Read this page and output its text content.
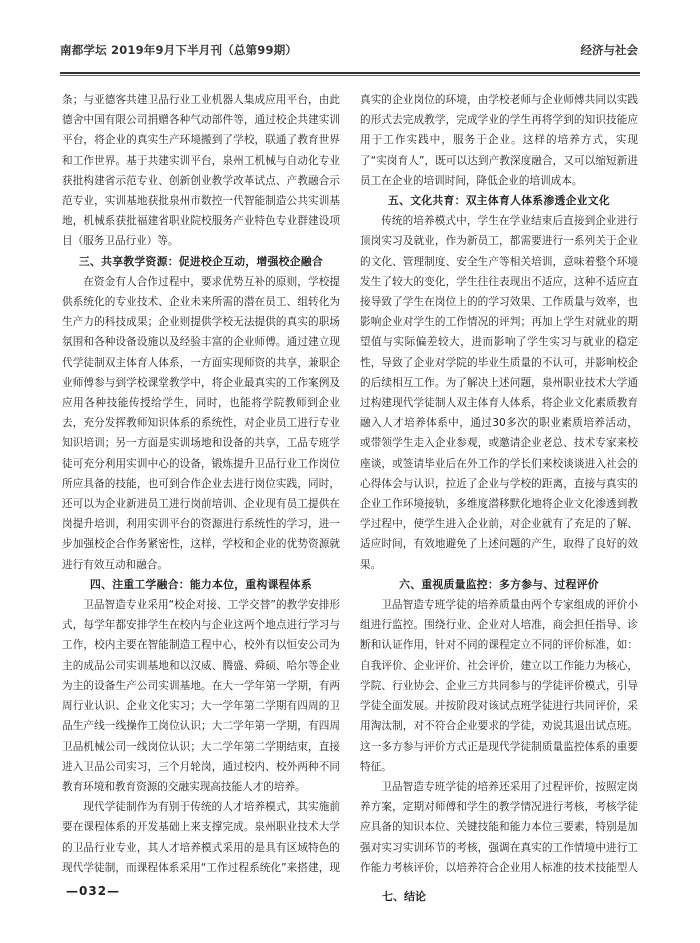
南都学坛 2019年9月下半月刊（总第99期）	经济与社会

条；与亚德客共建卫品行业工业机器人集成应用平台，由此德舍中国有限公司捐赠各种气动部件等，通过校企共建实训平台，将企业的真实生产环境搬到了学校，联通了教育世界和工作世界。基于共建实训平台，泉州工机械与自动化专业获批构建省示范专业、创新创业教学改革试点、产教融合示范专业，实训基地获批泉州市数控一代智能制造公共实训基地，机械系获批福建省职业院校服务产业特色专业群建设项目（服务卫品行业）等。

三、共享教学资源：促进校企互动，增强校企融合

在资金有人合作过程中，要求优势互补的原则，学校提供系统化的专业技术、企业未来所需的潜在员工、组转化为生产力的科技成果；企业则提供学校无法提供的真实的职场氛围和各种设备设施以及经验丰富的企业师傅。通过建立现代学徒制双主体育人体系，一方面实现师资的共享，兼职企业师傅参与到学校课堂教学中，将企业最真实的工作案例及应用各种技能传授给学生，同时，也能将学院教师到企业去，充分发挥教师知识体系的系统性，对企业员工进行专业知识培训；另一方面是实训场地和设备的共享，工品专班学徒可充分利用实训中心的设备，锻炼提升卫品行业工作岗位所应具备的技能，也可到合作企业去进行岗位实践，同时，还可以为企业新进员工进行岗前培训、企业现有员工提供在岗提升培训，利用实训平台的资源进行系统性的学习，进一步加强校企合作务紧密性，这样，学校和企业的优势资源就进行有效互动和融合。

四、注重工学融合：能力本位，重构课程体系

卫品智造专业采用“校企对接、工学交替”的教学安排形式，每学年都安排学生在校内与企业这两个地点进行学习与工作，校内主要在智能制造工程中心，校外有以恒安公司为主的成品公司实训基地和以汉威、腾盛、舜硕、哈尔等企业为主的设备生产公司实训基地。在大一学年第一学期，有两周行业认识、企业文化实习；大一学年第二学期有四周的卫品生产线一线操作工岗位认识；大二学年第一学期，有四周卫品机械公司一线岗位认识；大二学年第二学期结束，直接进入卫品公司实习，三个月轮岗，通过校内、校外两种不同教育环境和教育资源的交融实现高技能人才的培养。

现代学徒制作为有别于传统的人才培养模式，其实施前要在课程体系的开发基础上来支撑完成。泉州职业技术大学的卫品行业专业，其人才培养模式采用的是具有区域特色的现代学徒制，而课程体系采用“工作过程系统化”来搭建，现

真实的企业岗位的环境，由学校老师与企业师傅共同以实践的形式去完成教学，完成学业的学生再将学到的知识技能应用于工作实践中，服务于企业。这样的培养方式，实现了“实岗育人”，既可以达到产教深度融合，又可以缩短新进员工在企业的培训时间，降低企业的培训成本。

五、文化共育：双主体育人体系渗透企业文化

传统的培养模式中，学生在学业结束后直接到企业进行顶岗实习及就业，作为新员工，都需要进行一系列关于企业的文化、管理制度、安全生产等相关培训，意味着整个环境发生了较大的变化，学生往往表现出不适应，这种不适应直接导致了学生在岗位上的的学习效果、工作质量与效率，也影响企业对学生的工作情况的评判；再加上学生对就业的期望值与实际偏差较大，进而影响了学生实习与就业的稳定性，导致了企业对学院的毕业生质量的不认可，并影响校企的后续相互工作。为了解决上述问题，泉州职业技术大学通过构建现代学徒制人双主体育人体系，将企业文化素质教育融入人才培养体系中，通过30多次的职业素质培养活动，或带领学生走入企业参观，或邀请企业老总、技术专家来校座谈，或签请毕业后在外工作的学长们来校谈谈进入社会的心得体会与认识，拉近了企业与学校的距离，直接与真实的企业工作环境接轨，多维度潜移默化地将企业文化渗透到教学过程中，使学生进入企业前，对企业就有了充足的了解、适应时间，有效地避免了上述问题的产生，取得了良好的效果。

六、重视质量监控：多方参与、过程评价

卫品智造专班学徒的培养质量由两个专家组成的评价小组进行监控。围绕行业、企业对人培准，商会担任指导、诊断和认证作用，针对不同的课程定立不同的评价标准，如：自我评价、企业评价、社会评价，建立以工作能力为核心，学院、行业协会、企业三方共同参与的学徒评价模式，引导学徒全面发展。并按阶段对该试点班学徒进行共同评价，采用淘汰制，对不符合企业要求的学徒，劝说其退出试点班。这一多方参与评价方式正是现代学徒制质量监控体系的重要特征。

卫品智造专班学徒的培养还采用了过程评价，按照定岗养方案，定期对师傅和学生的教学情况进行考核，考核学徒应具备的知识本位、关键技能和能力本位三要素，特别是加强对实习实训环节的考核，强调在真实的工作情境中进行工作能力考核评价，以培养符合企业用人标准的技术技能型人

—032—	七、结论
